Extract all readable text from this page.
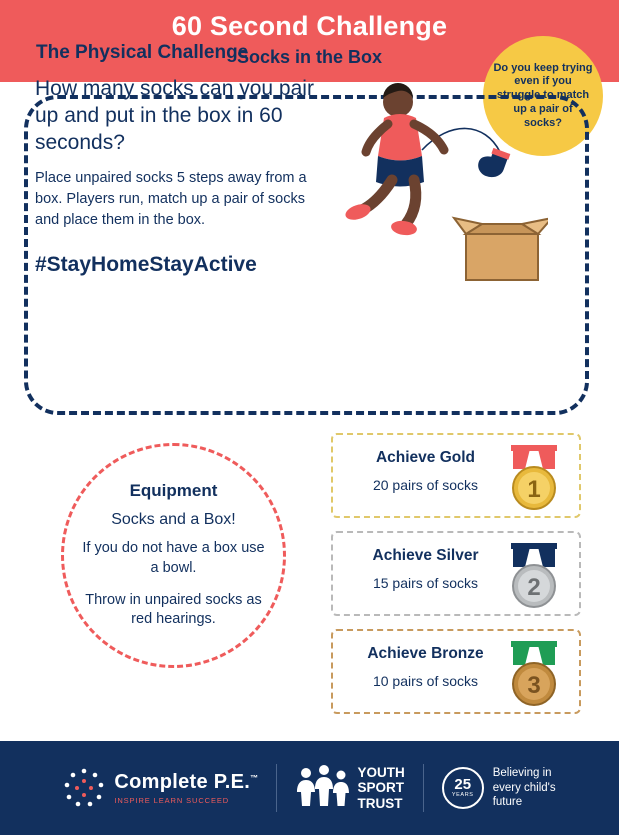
60 Second Challenge
Socks in the Box
Do you keep trying even if you struggle to match up a pair of socks?
The Physical Challenge
How many socks can you pair up and put in the box in 60 seconds?
Place unpaired socks 5 steps away from a box. Players run, match up a pair of socks and place them in the box.
#StayHomeStayActive
Equipment
Socks and a Box!
If you do not have a box use a bowl.
Throw in unpaired socks as red hearings.
Achieve Gold
20 pairs of socks	1
Achieve Silver
15 pairs of socks	2
Achieve Bronze
10 pairs of socks	3
Complete P.E.™
INSPIRE LEARN SUCCEED
YOUTH
SPORT
TRUST
25
YEARS
Believing in
every child's
future
